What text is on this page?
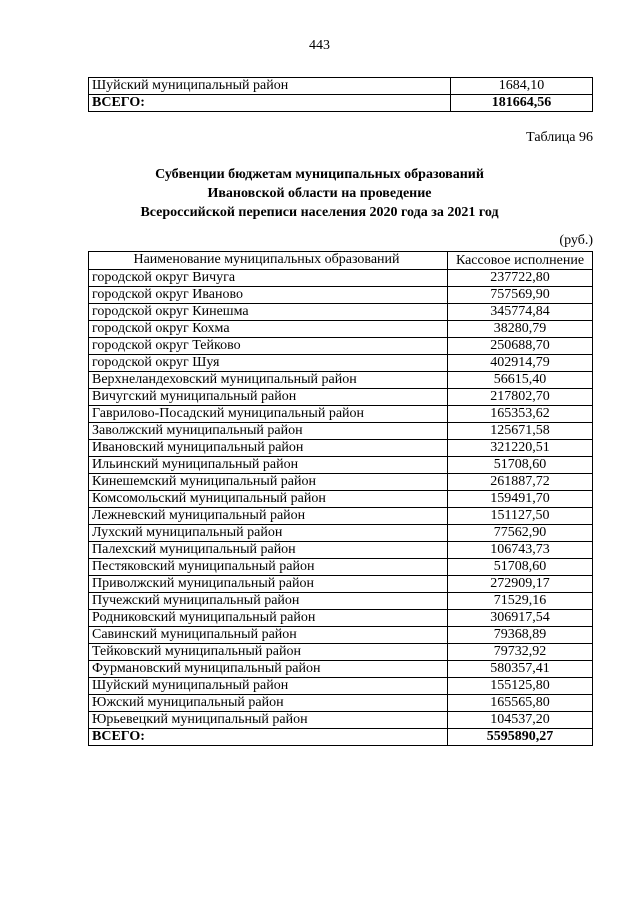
443
Шуйский муниципальный район	1684,10
ВСЕГО:	181664,56
Таблица 96
Субвенции бюджетам муниципальных образований
Ивановской области на проведение
Всероссийской переписи населения 2020 года за 2021 год
(руб.)
Наименование муниципальных образований	Кассовое исполнение
городской округ Вичуга	237722,80
городской округ Иваново	757569,90
городской округ Кинешма	345774,84
городской округ Кохма	38280,79
городской округ Тейково	250688,70
городской округ Шуя	402914,79
Верхнеландеховский муниципальный район	56615,40
Вичугский муниципальный район	217802,70
Гаврилово-Посадский муниципальный район	165353,62
Заволжский муниципальный район	125671,58
Ивановский муниципальный район	321220,51
Ильинский муниципальный район	51708,60
Кинешемский муниципальный район	261887,72
Комсомольский муниципальный район	159491,70
Лежневский муниципальный район	151127,50
Лухский муниципальный район	77562,90
Палехский муниципальный район	106743,73
Пестяковский муниципальный район	51708,60
Приволжский муниципальный район	272909,17
Пучежский муниципальный район	71529,16
Родниковский муниципальный район	306917,54
Савинский муниципальный район	79368,89
Тейковский муниципальный район	79732,92
Фурмановский муниципальный район	580357,41
Шуйский муниципальный район	155125,80
Южский муниципальный район	165565,80
Юрьевецкий муниципальный район	104537,20
ВСЕГО:	5595890,27
